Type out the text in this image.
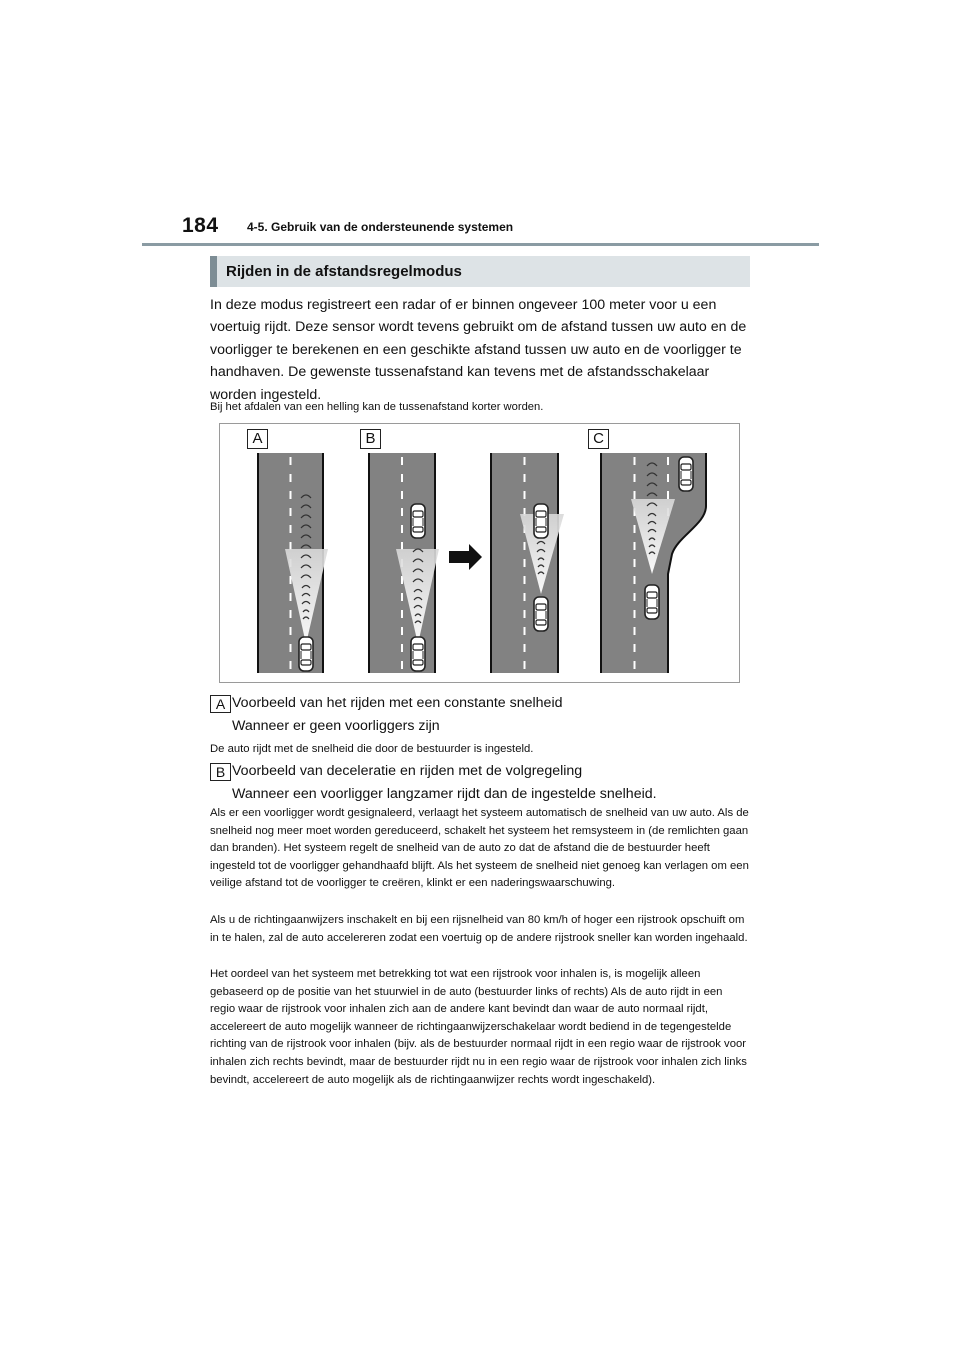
184 4-5. Gebruik van de ondersteunende systemen
Rijden in de afstandsregelmodus

In deze modus registreert een radar of er binnen ongeveer 100 meter voor u een voertuig rijdt. Deze sensor wordt tevens gebruikt om de afstand tussen uw auto en de voorligger te berekenen en een geschikte afstand tussen uw auto en de voorligger te handhaven. De gewenste tussenafstand kan tevens met de afstandsschakelaar worden ingesteld.

Bij het afdalen van een helling kan de tussenafstand korter worden.

A	B	C
A Voorbeeld van het rijden met een constante snelheid
Wanneer er geen voorliggers zijn

De auto rijdt met de snelheid die door de bestuurder is ingesteld.

B Voorbeeld van deceleratie en rijden met de volgregeling
Wanneer een voorligger langzamer rijdt dan de ingestelde snelheid.

Als er een voorligger wordt gesignaleerd, verlaagt het systeem automatisch de snelheid van uw auto. Als de snelheid nog meer moet worden gereduceerd, schakelt het systeem het remsysteem in (de remlichten gaan dan branden). Het systeem regelt de snelheid van de auto zo dat de afstand die de bestuurder heeft ingesteld tot de voorligger gehandhaafd blijft. Als het systeem de snelheid niet genoeg kan verlagen om een veilige afstand tot de voorligger te creëren, klinkt er een naderingswaarschuwing.

Als u de richtingaanwijzers inschakelt en bij een rijsnelheid van 80 km/h of hoger een rijstrook opschuift om in te halen, zal de auto accelereren zodat een voertuig op de andere rijstrook sneller kan worden ingehaald.

Het oordeel van het systeem met betrekking tot wat een rijstrook voor inhalen is, is mogelijk alleen gebaseerd op de positie van het stuurwiel in de auto (bestuurder links of rechts) Als de auto rijdt in een regio waar de rijstrook voor inhalen zich aan de andere kant bevindt dan waar de auto normaal rijdt, accelereert de auto mogelijk wanneer de richtingaanwijzerschakelaar wordt bediend in de tegengestelde richting van de rijstrook voor inhalen (bijv. als de bestuurder normaal rijdt in een regio waar de rijstrook voor inhalen zich rechts bevindt, maar de bestuurder rijdt nu in een regio waar de rijstrook voor inhalen zich links bevindt, accelereert de auto mogelijk als de richtingaanwijzer rechts wordt ingeschakeld).
